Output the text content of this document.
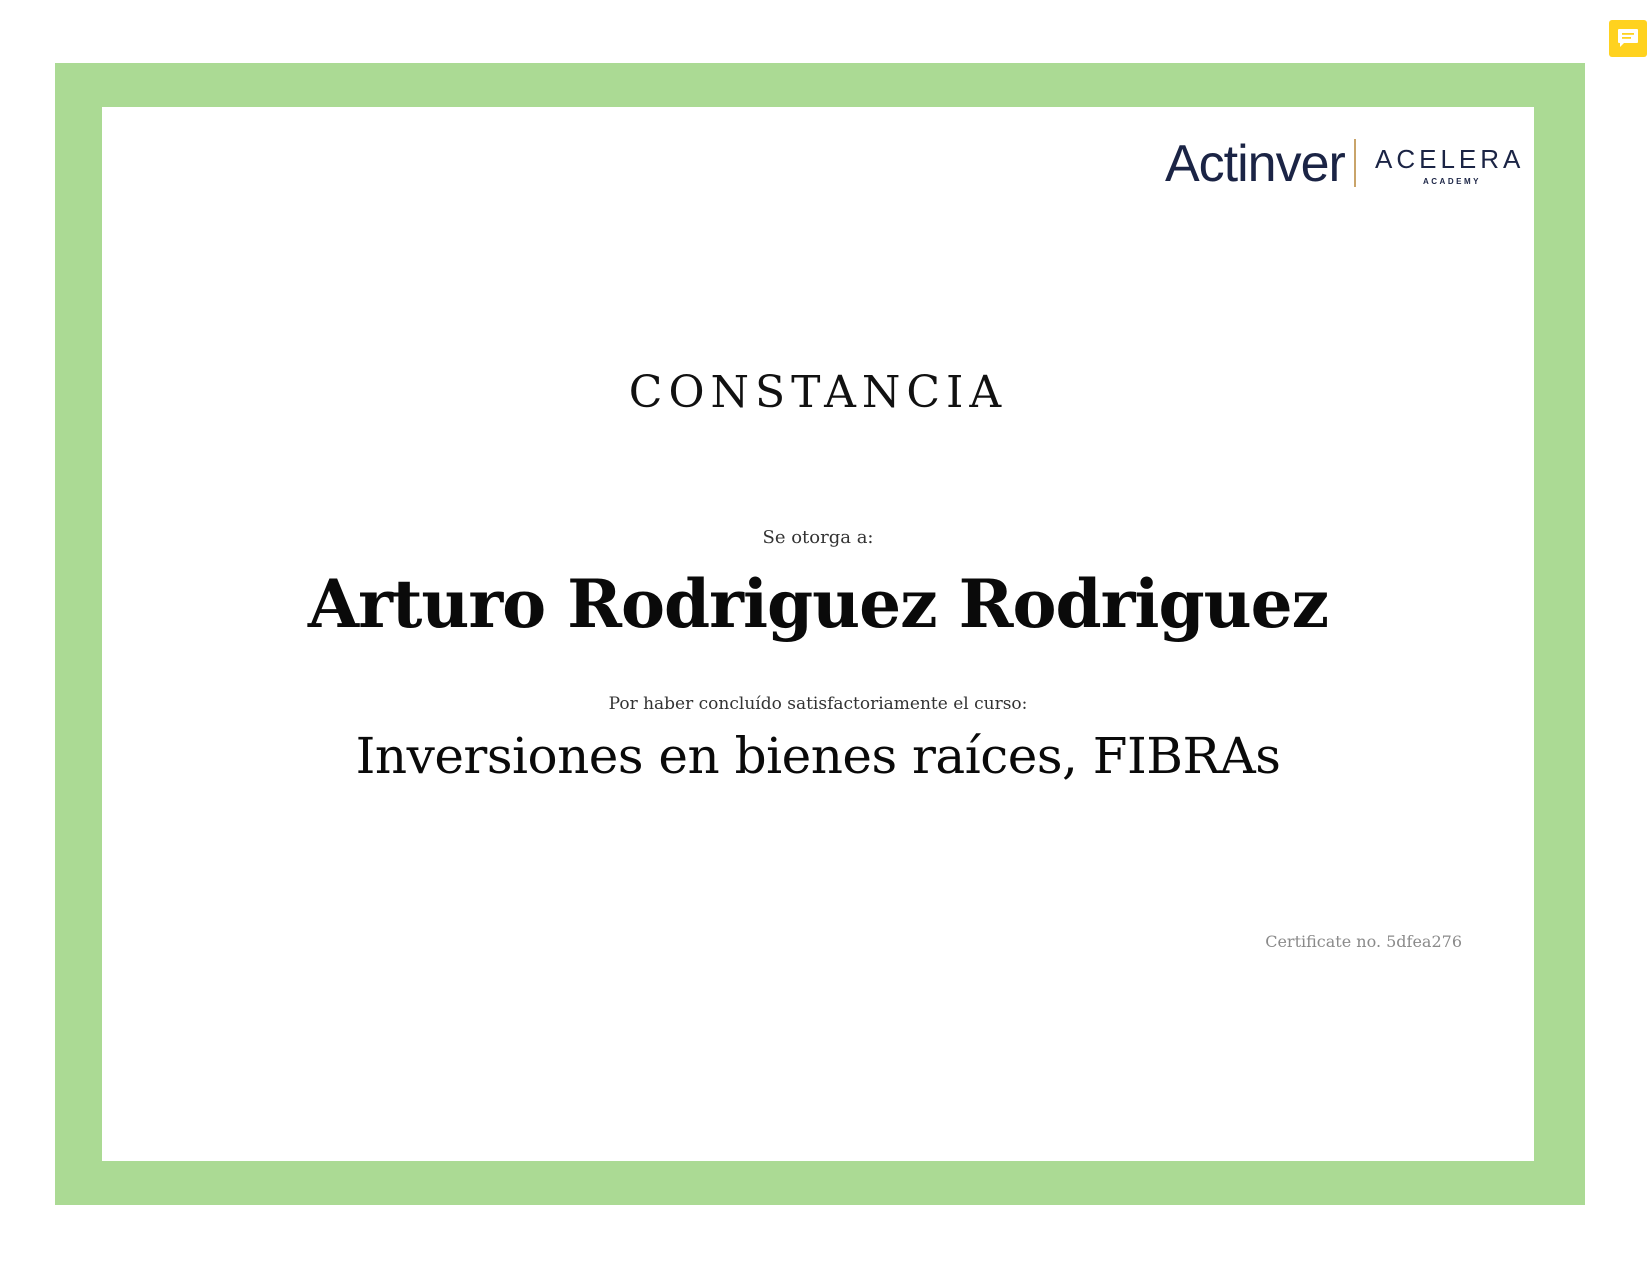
Actinver ACELERA
ACADEMY
CONSTANCIA
Se otorga a:
Arturo Rodriguez Rodriguez
Por haber concluído satisfactoriamente el curso:
Inversiones en bienes raíces, FIBRAs
Certificate no. 5dfea276
